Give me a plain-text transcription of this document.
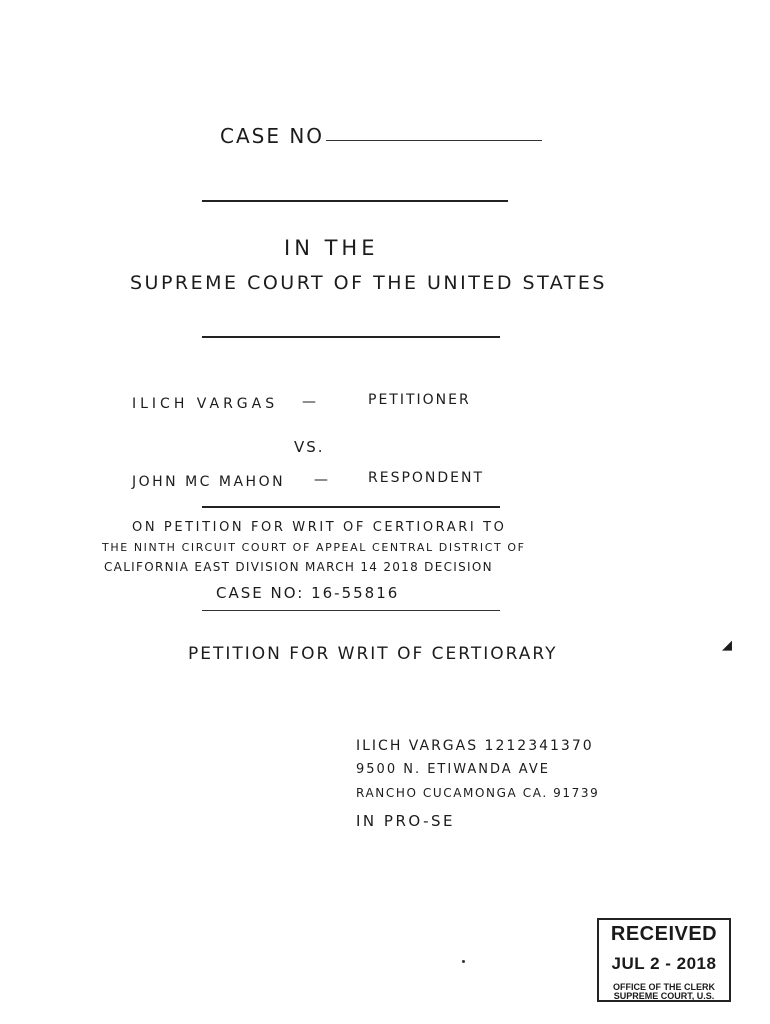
CASE NO
IN THE
SUPREME COURT OF THE UNITED STATES
ILICH VARGAS —	PETITIONER
VS.
JOHN MC MAHON —	RESPONDENT
ON PETITION FOR WRIT OF CERTIORARI TO
THE NINTH CIRCUIT COURT OF APPEAL CENTRAL DISTRICT OF
CALIFORNIA EAST DIVISION MARCH 14 2018 DECISION
CASE NO: 16-55816
PETITION FOR WRIT OF CERTIORARY	◢
ILICH VARGAS 1212341370
9500 N. ETIWANDA AVE
RANCHO CUCAMONGA CA. 91739
IN PRO-SE
RECEIVED
JUL 2 - 2018
OFFICE OF THE CLERK
SUPREME COURT, U.S.
